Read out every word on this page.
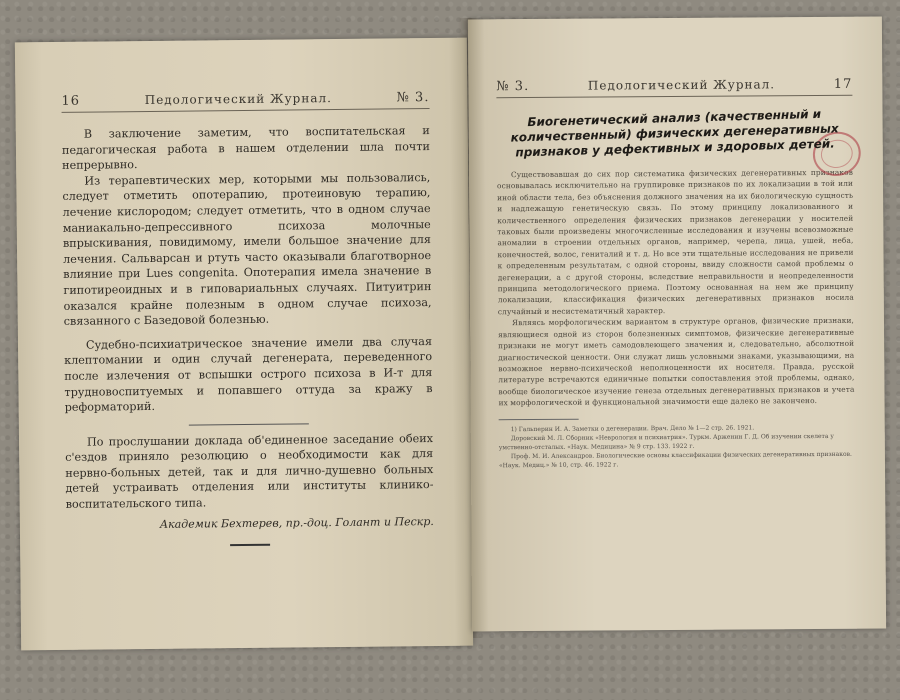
16	Педологический Журнал.	№ 3.

В заключение заметим, что воспитательская и педагогическая работа в нашем отделении шла почти непрерывно.

Из терапевтических мер, которыми мы пользовались, следует отметить опотерапию, протеиновую терапию, лечение кислородом; следует отметить, что в одном случае маниакально-депрессивного психоза молочные впрыскивания, повидимому, имели большое значение для лечения. Сальварсан и ртуть часто оказывали благотворное влияние при Lues congenita. Опотерапия имела значение в гипотиреоидных и в гиповариальных случаях. Питуитрин оказался крайне полезным в одном случае психоза, связанного с Базедовой болезнью.

Судебно-психиатрическое значение имели два случая клептомании и один случай дегенерата, переведенного после излечения от вспышки острого психоза в И-т для трудновоспитуемых и попавшего оттуда за кражу в реформаторий.

По прослушании доклада об'единенное заседание обеих с'ездов приняло резолюцию о необходимости как для нервно-больных детей, так и для лично-душевно больных детей устраивать отделения или институты клинико-воспитательского типа.

Академик Бехтерев, пр.-доц. Голант и Пескр.
№ 3.	Педологический Журнал.	17
Биогенетический анализ (качественный и количественный) физических дегенеративных признаков у дефективных и здоровых детей.

Существовавшая до сих пор систематика физических дегенеративных признаков основывалась исключительно на группировке признаков по их локализации в той или иной области тела, без объяснения должного значения на их биологическую сущность и надлежащую генетическую связь. По этому принципу локализованного и количественного определения физических признаков дегенерации у носителей таковых были произведены многочисленные исследования и изучены всевозможные аномалии в строении отдельных органов, например, черепа, лица, ушей, неба, конечностей, волос, гениталий и т. д. Но все эти тщательные исследования не привели к определенным результатам, с одной стороны, ввиду сложности самой проблемы о дегенерации, а с другой стороны, вследствие неправильности и неопределенности принципа методологического приема. Поэтому основанная на нем же принципу локализации, классификация физических дегенеративных признаков носила случайный и несистематичный характер.

Являясь морфологическим вариантом в структуре органов, физические признаки, являющиеся одной из сторон болезненных симптомов, физические дегенеративные признаки не могут иметь самодовлеющего значения и, следовательно, абсолютной диагностической ценности. Они служат лишь условными знаками, указывающими, на возможное нервно-психической неполноценности их носителя. Правда, русской литературе встречаются единичные попытки сопоставления этой проблемы, однако, вообще биологическое изучение генеза отдельных дегенеративных признаков и учета их морфологической и функциональной значимости еще далеко не закончено.

1) Гальперин И. А. Заметки о дегенерации. Врач. Дело № 1—2 стр. 26. 1921.

Доровский М. Л. Сборник «Неврология и психиатрия». Туркм. Арженин Г. Д. Об изучении скелета у умственно-отсталых. «Наук. Медицина» № 9 стр. 133. 1922 г.

Проф. М. И. Александров. Биологические основы классификации физических дегенеративных признаков. «Наук. Медиц.» № 10, стр. 46. 1922 г.
